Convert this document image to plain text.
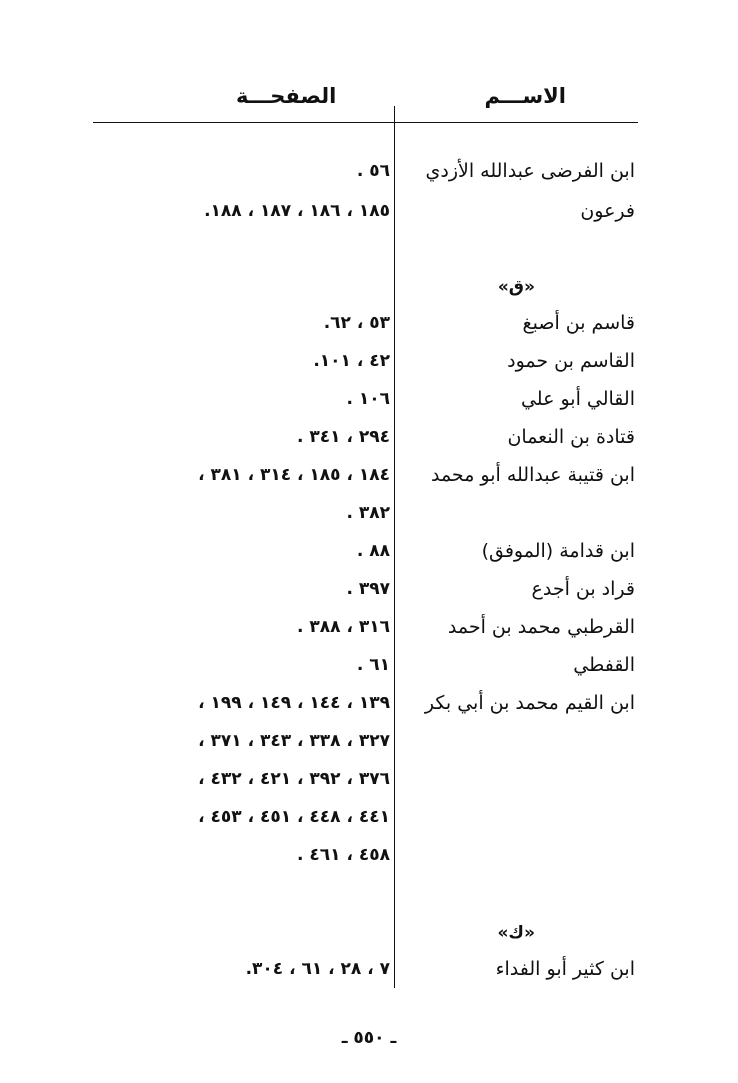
الاســـم
الصفحـــة
ابن الفرضى عبدالله الأزدي
٥٦ .
فرعون
١٨٥ ، ١٨٦ ، ١٨٧ ، ١٨٨.
«ق»
قاسم بن أصبغ
٥٣ ، ٦٢.
القاسم بن حمود
٤٢ ، ١٠١.
القالي أبو علي
١٠٦ .
قتادة بن النعمان
٢٩٤ ، ٣٤١ .
ابن قتيبة عبدالله أبو محمد
١٨٤ ، ١٨٥ ، ٣١٤ ، ٣٨١ ،
٣٨٢ .
ابن قدامة (الموفق)
٨٨ .
قراد بن أجدع
٣٩٧ .
القرطبي محمد بن أحمد
٣١٦ ، ٣٨٨ .
القفطي
٦١ .
ابن القيم محمد بن أبي بكر
١٣٩ ، ١٤٤ ، ١٤٩ ، ١٩٩ ،
٣٢٧ ، ٣٣٨ ، ٣٤٣ ، ٣٧١ ،
٣٧٦ ، ٣٩٢ ، ٤٢١ ، ٤٣٢ ،
٤٤١ ، ٤٤٨ ، ٤٥١ ، ٤٥٣ ،
٤٥٨ ، ٤٦١ .
«ك»
ابن كثير أبو الفداء
٧ ، ٢٨ ، ٦١ ، ٣٠٤.
ـ ٥٥٠ ـ
